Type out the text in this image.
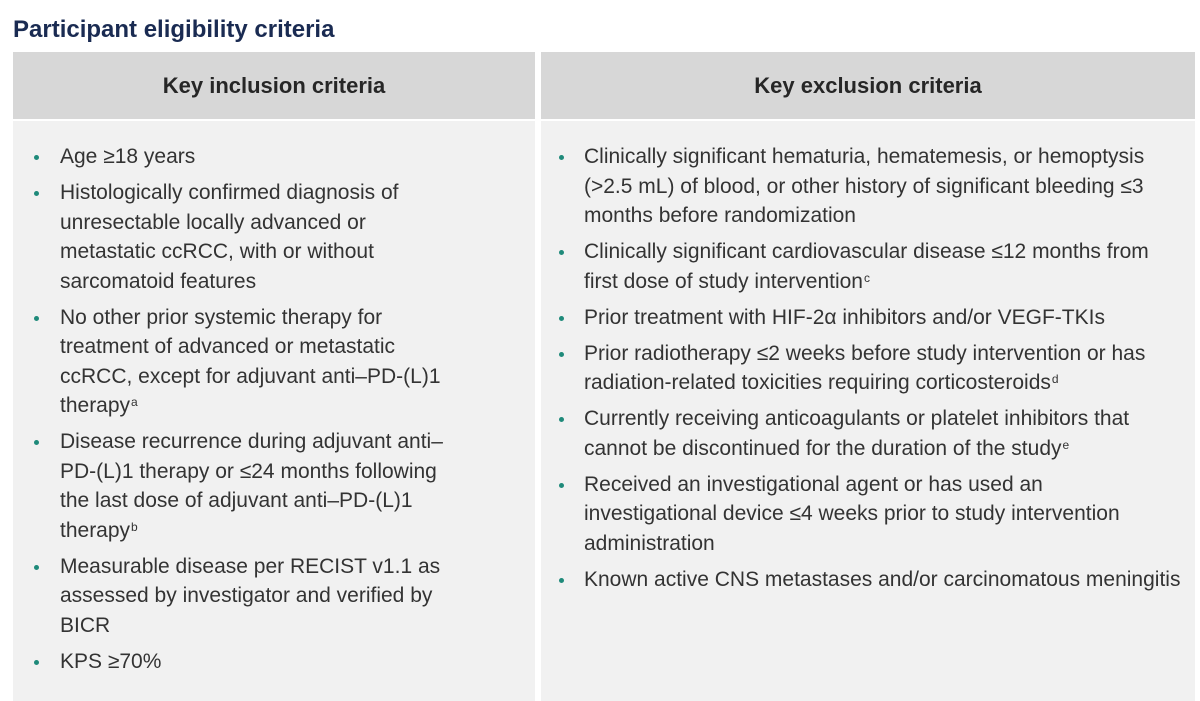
Participant eligibility criteria
Key inclusion criteria
Age ≥18 years
Histologically confirmed diagnosis of unresectable locally advanced or metastatic ccRCC, with or without sarcomatoid features
No other prior systemic therapy for treatment of advanced or metastatic ccRCC, except for adjuvant anti–PD-(L)1 therapy$^a$
Disease recurrence during adjuvant anti–PD-(L)1 therapy or ≤24 months following the last dose of adjuvant anti–PD-(L)1 therapy$^b$
Measurable disease per RECIST v1.1 as assessed by investigator and verified by BICR
KPS ≥70%
Key exclusion criteria
Clinically significant hematuria, hematemesis, or hemoptysis (>2.5 mL) of blood, or other history of significant bleeding ≤3 months before randomization
Clinically significant cardiovascular disease ≤12 months from first dose of study intervention$^c$
Prior treatment with HIF-2α inhibitors and/or VEGF-TKIs
Prior radiotherapy ≤2 weeks before study intervention or has radiation-related toxicities requiring corticosteroids$^d$
Currently receiving anticoagulants or platelet inhibitors that cannot be discontinued for the duration of the study$^e$
Received an investigational agent or has used an investigational device ≤4 weeks prior to study intervention administration
Known active CNS metastases and/or carcinomatous meningitis
